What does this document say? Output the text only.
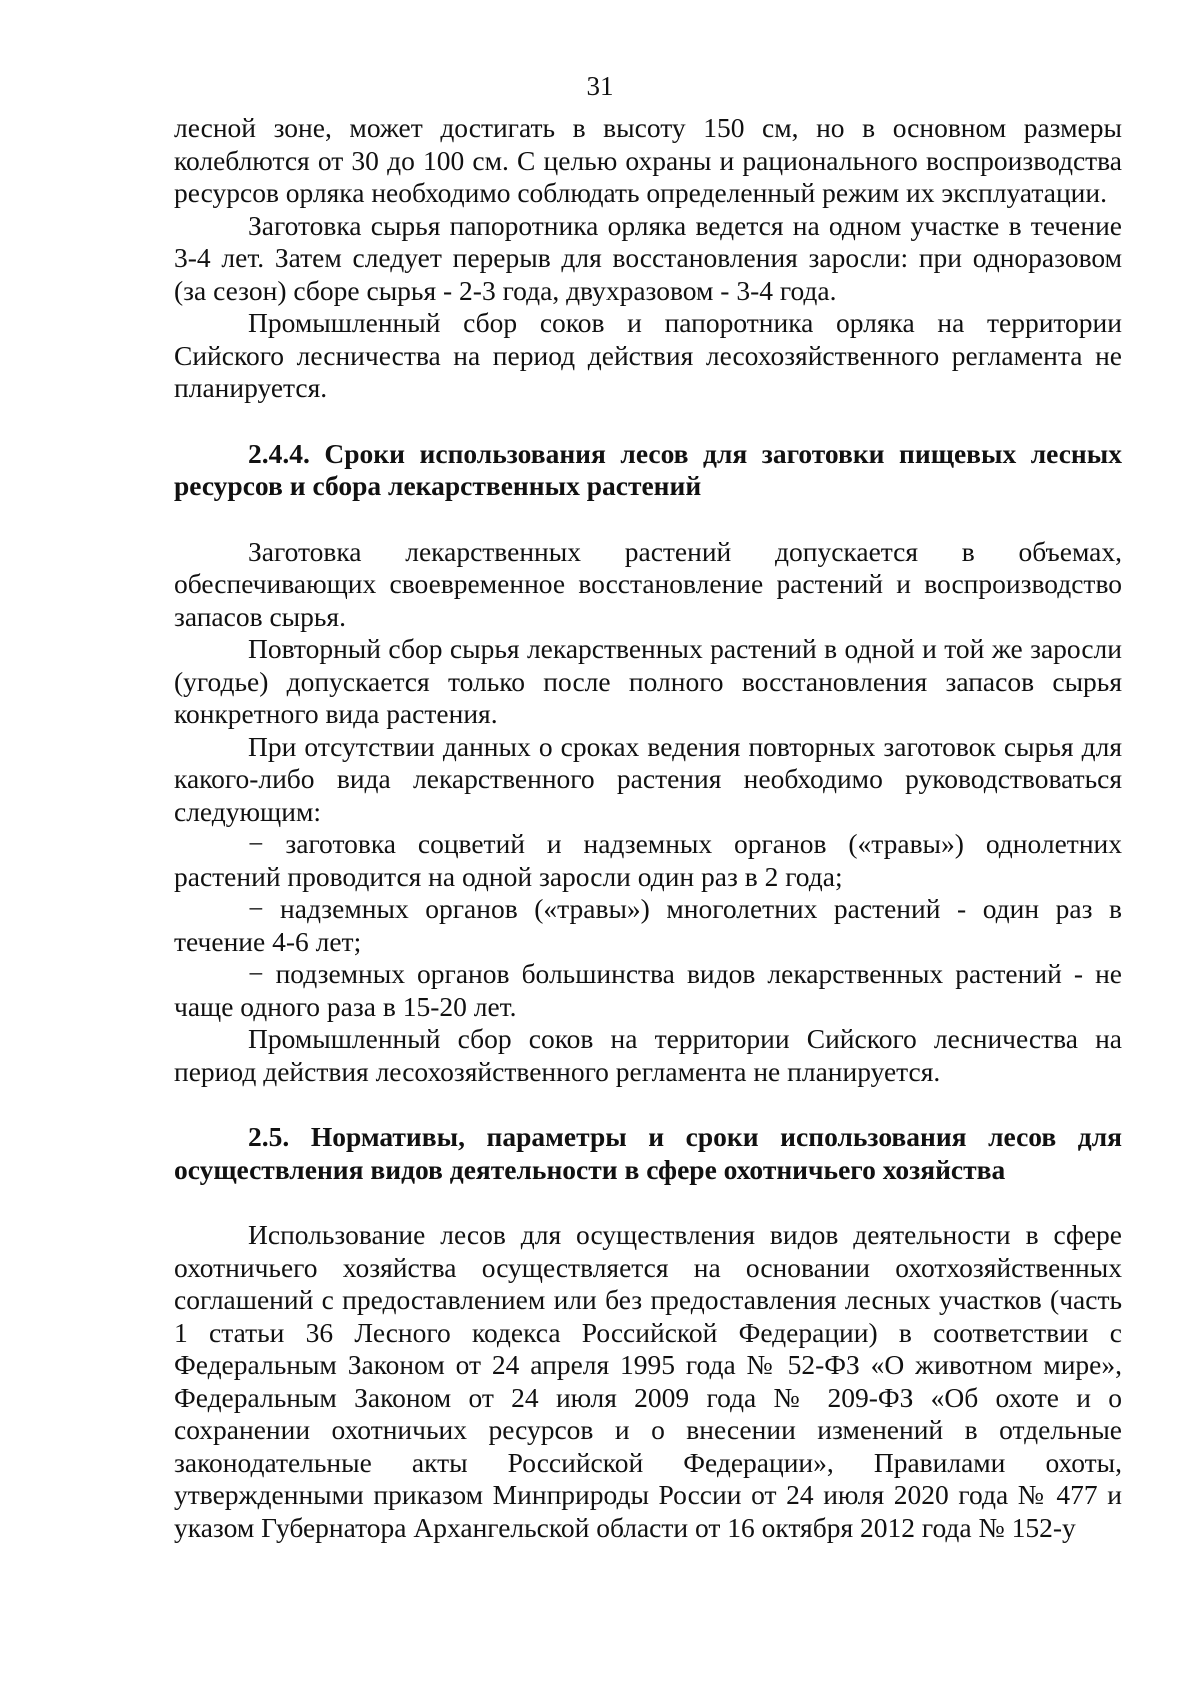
31

лесной зоне, может достигать в высоту 150 см, но в основном размеры колеблются от 30 до 100 см. С целью охраны и рационального воспроизводства ресурсов орляка необходимо соблюдать определенный режим их эксплуатации.

Заготовка сырья папоротника орляка ведется на одном участке в течение 3-4 лет. Затем следует перерыв для восстановления заросли: при одноразовом (за сезон) сборе сырья - 2-3 года, двухразовом - 3-4 года.

Промышленный сбор соков и папоротника орляка на территории Сийского лесничества на период действия лесохозяйственного регламента не планируется.

2.4.4. Сроки использования лесов для заготовки пищевых лесных ресурсов и сбора лекарственных растений

Заготовка лекарственных растений допускается в объемах, обеспечивающих своевременное восстановление растений и воспроизводство запасов сырья.

Повторный сбор сырья лекарственных растений в одной и той же заросли (угодье) допускается только после полного восстановления запасов сырья конкретного вида растения.

При отсутствии данных о сроках ведения повторных заготовок сырья для какого-либо вида лекарственного растения необходимо руководствоваться следующим:

− заготовка соцветий и надземных органов («травы») однолетних растений проводится на одной заросли один раз в 2 года;

− надземных органов («травы») многолетних растений - один раз в течение 4-6 лет;

− подземных органов большинства видов лекарственных растений - не чаще одного раза в 15-20 лет.

Промышленный сбор соков на территории Сийского лесничества на период действия лесохозяйственного регламента не планируется.

2.5. Нормативы, параметры и сроки использования лесов для осуществления видов деятельности в сфере охотничьего хозяйства

Использование лесов для осуществления видов деятельности в сфере охотничьего хозяйства осуществляется на основании охотхозяйственных соглашений с предоставлением или без предоставления лесных участков (часть 1 статьи 36 Лесного кодекса Российской Федерации) в соответствии с Федеральным Законом от 24 апреля 1995 года № 52-ФЗ «О животном мире», Федеральным Законом от 24 июля 2009 года № 209-ФЗ «Об охоте и о сохранении охотничьих ресурсов и о внесении изменений в отдельные законодательные акты Российской Федерации», Правилами охоты, утвержденными приказом Минприроды России от 24 июля 2020 года № 477 и указом Губернатора Архангельской области от 16 октября 2012 года № 152-у
